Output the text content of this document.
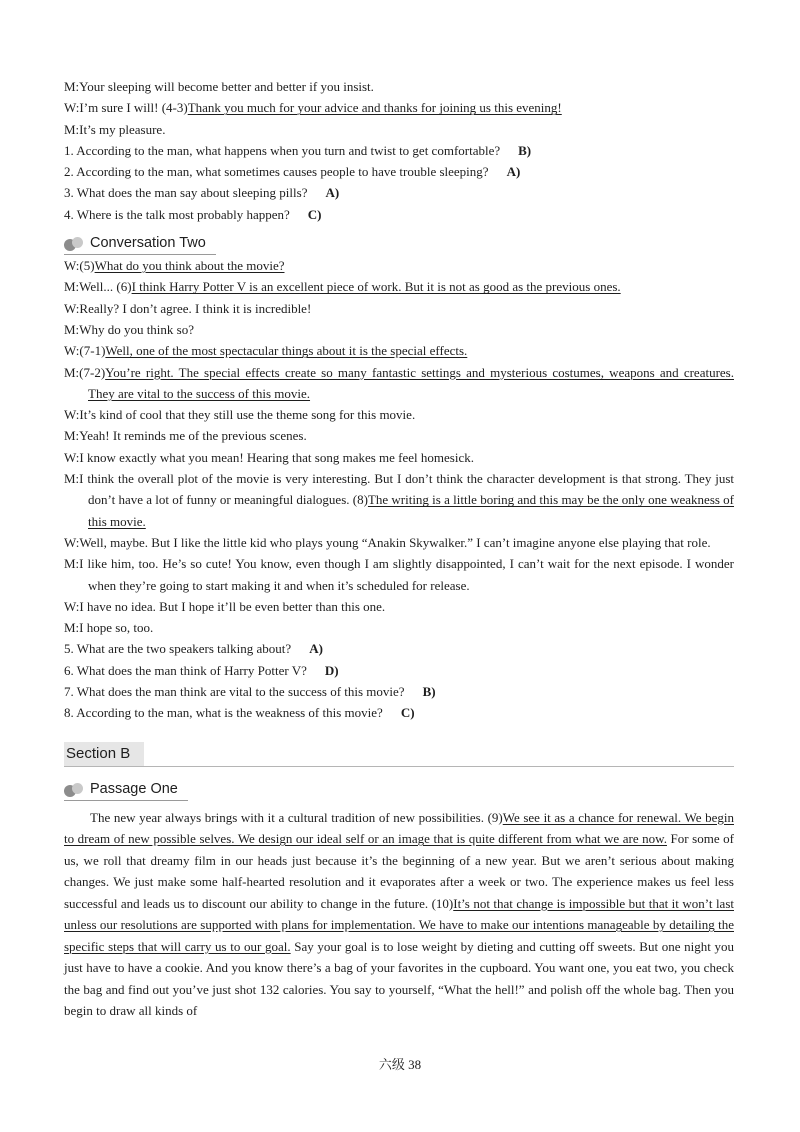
M:Your sleeping will become better and better if you insist.
W:I’m sure I will! (4-3)Thank you much for your advice and thanks for joining us this evening!
M:It’s my pleasure.
1. According to the man, what happens when you turn and twist to get comfortable? B)
2. According to the man, what sometimes causes people to have trouble sleeping? A)
3. What does the man say about sleeping pills? A)
4. Where is the talk most probably happen? C)
Conversation Two
W:(5)What do you think about the movie?
M:Well... (6)I think Harry Potter V is an excellent piece of work. But it is not as good as the previous ones.
W:Really? I don’t agree. I think it is incredible!
M:Why do you think so?
W:(7-1)Well, one of the most spectacular things about it is the special effects.
M:(7-2)You’re right. The special effects create so many fantastic settings and mysterious costumes, weapons and creatures. They are vital to the success of this movie.
W:It’s kind of cool that they still use the theme song for this movie.
M:Yeah! It reminds me of the previous scenes.
W:I know exactly what you mean! Hearing that song makes me feel homesick.
M:I think the overall plot of the movie is very interesting. But I don’t think the character development is that strong. They just don’t have a lot of funny or meaningful dialogues. (8)The writing is a little boring and this may be the only one weakness of this movie.
W:Well, maybe. But I like the little kid who plays young “Anakin Skywalker.” I can’t imagine anyone else playing that role.
M:I like him, too. He’s so cute! You know, even though I am slightly disappointed, I can’t wait for the next episode. I wonder when they’re going to start making it and when it’s scheduled for release.
W:I have no idea. But I hope it’ll be even better than this one.
M:I hope so, too.
5. What are the two speakers talking about? A)
6. What does the man think of Harry Potter V? D)
7. What does the man think are vital to the success of this movie? B)
8. According to the man, what is the weakness of this movie? C)
Section B
Passage One
The new year always brings with it a cultural tradition of new possibilities. (9)We see it as a chance for renewal. We begin to dream of new possible selves. We design our ideal self or an image that is quite different from what we are now. For some of us, we roll that dreamy film in our heads just because it’s the beginning of a new year. But we aren’t serious about making changes. We just make some half-hearted resolution and it evaporates after a week or two. The experience makes us feel less successful and leads us to discount our ability to change in the future. (10)It’s not that change is impossible but that it won’t last unless our resolutions are supported with plans for implementation. We have to make our intentions manageable by detailing the specific steps that will carry us to our goal. Say your goal is to lose weight by dieting and cutting off sweets. But one night you just have to have a cookie. And you know there’s a bag of your favorites in the cupboard. You want one, you eat two, you check the bag and find out you’ve just shot 132 calories. You say to yourself, “What the hell!” and polish off the whole bag. Then you begin to draw all kinds of
六级 38
